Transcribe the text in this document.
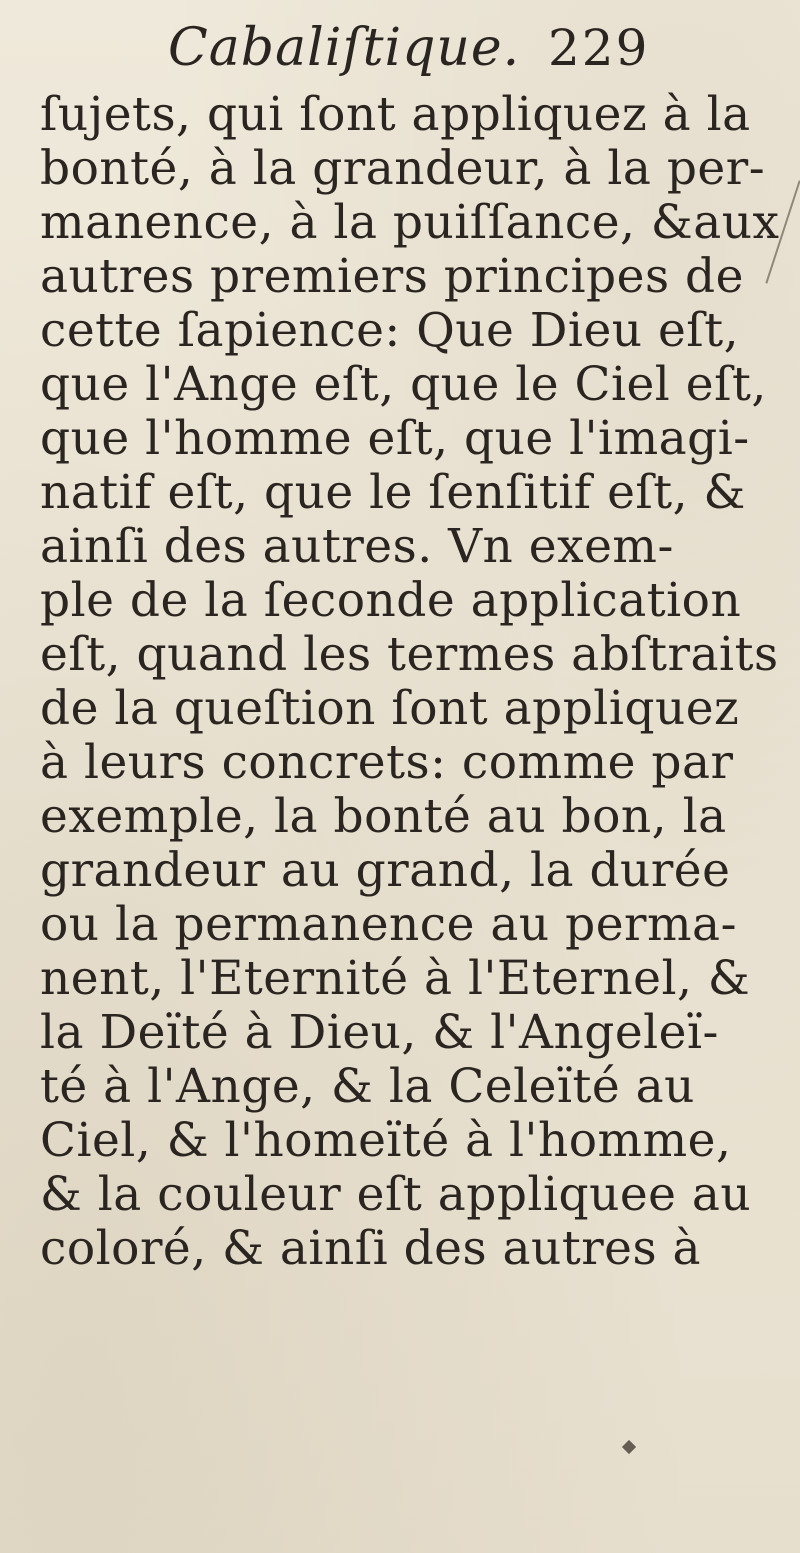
Cabaliſtique. 229
ſujets, qui ſont appliquez à la
bonté, à la grandeur, à la per-
manence, à la puiſſance, &aux
autres premiers principes de
cette ſapience: Que Dieu eſt,
que l'Ange eſt, que le Ciel eſt,
que l'homme eſt, que l'imagi-
natif eſt, que le ſenſitif eſt, &
ainſi des autres. Vn exem-
ple de la ſeconde application
eſt, quand les termes abſtraits
de la queſtion ſont appliquez
à leurs concrets: comme par
exemple, la bonté au bon, la
grandeur au grand, la durée
ou la permanence au perma-
nent, l'Eternité à l'Eternel, &
la Deïté à Dieu, & l'Angeleï-
té à l'Ange, & la Celeïté au
Ciel, & l'homeïté à l'homme,
& la couleur eſt appliquee au
coloré, & ainſi des autres à
